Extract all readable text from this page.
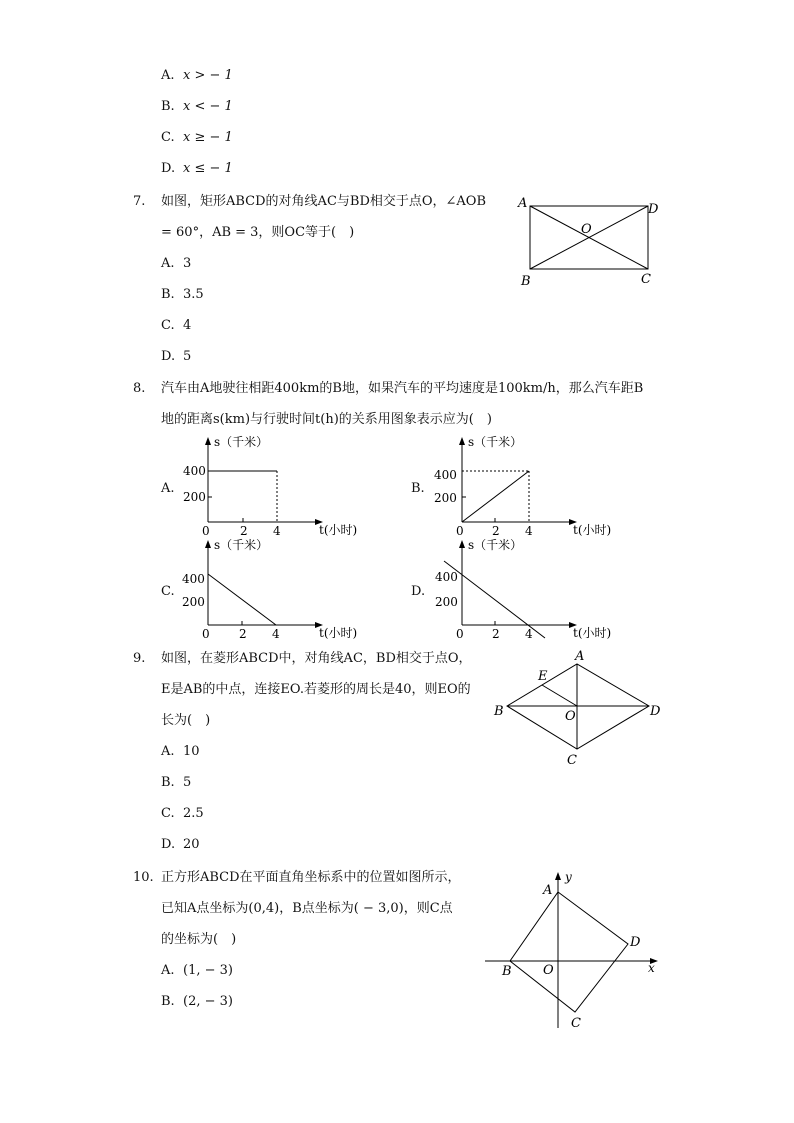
A. x > − 1
B. x < − 1
C. x ≥ − 1
D. x ≤ − 1
7. 如图，矩形ABCD的对角线AC与BD相交于点O，∠AOB
= 60°，AB = 3，则OC等于(　)
A. 3
B. 3.5
C. 4
D. 5
A	D
O
B	C
8. 汽车由A地驶往相距400km的B地，如果汽车的平均速度是100km/h，那么汽车距B
地的距离s(km)与行驶时间t(h)的关系用图象表示应为(　)
A.	B.
C.	D.
s（千米）
400
200
0	2 4	t(小时)
s（千米）
400
200
0 2 4	t(小时)
s（千米）
400
200
0 2 4	t(小时)
s（千米）
400
200
0 2 4	t(小时)
9. 如图，在菱形ABCD中，对角线AC，BD相交于点O，
E是AB的中点，连接EO.若菱形的周长是40，则EO的
长为(　)
A. 10
B. 5
C. 2.5
D. 20
A
E
B	O	D
C
10. 正方形ABCD在平面直角坐标系中的位置如图所示，
已知A点坐标为(0,4)，B点坐标为( − 3,0)，则C点
的坐标为(　)
A. (1, − 3)
B. (2, − 3)
y
A
D
B O	x
C
